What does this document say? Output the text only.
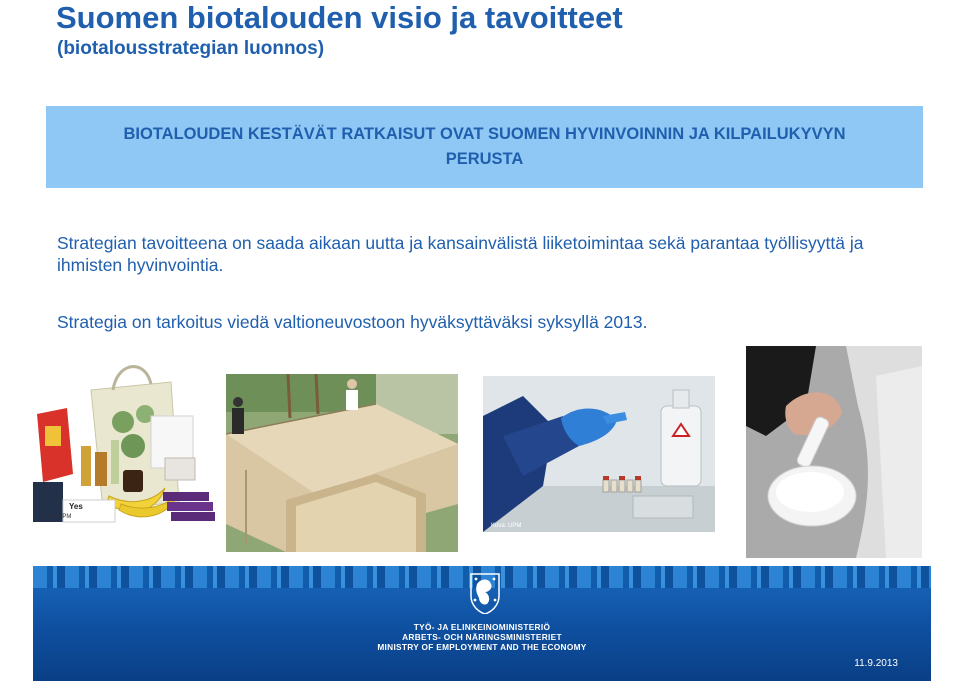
Suomen biotalouden visio ja tavoitteet
(biotalousstrategian luonnos)
BIOTALOUDEN KESTÄVÄT RATKAISUT OVAT SUOMEN HYVINVOINNIN JA KILPAILUKYVYN PERUSTA
Strategian tavoitteena on saada aikaan uutta ja kansainvälistä liiketoimintaa sekä parantaa työllisyyttä ja ihmisten hyvinvointia.
Strategia on tarkoitus viedä valtioneuvostoon hyväksyttäväksi syksyllä 2013.
Kuva: UPM
Yes
Kuva: UPM
TYÖ- JA ELINKEINOMINISTERIÖ
ARBETS- OCH NÄRINGSMINISTERIET
MINISTRY OF EMPLOYMENT AND THE ECONOMY
11.9.2013
